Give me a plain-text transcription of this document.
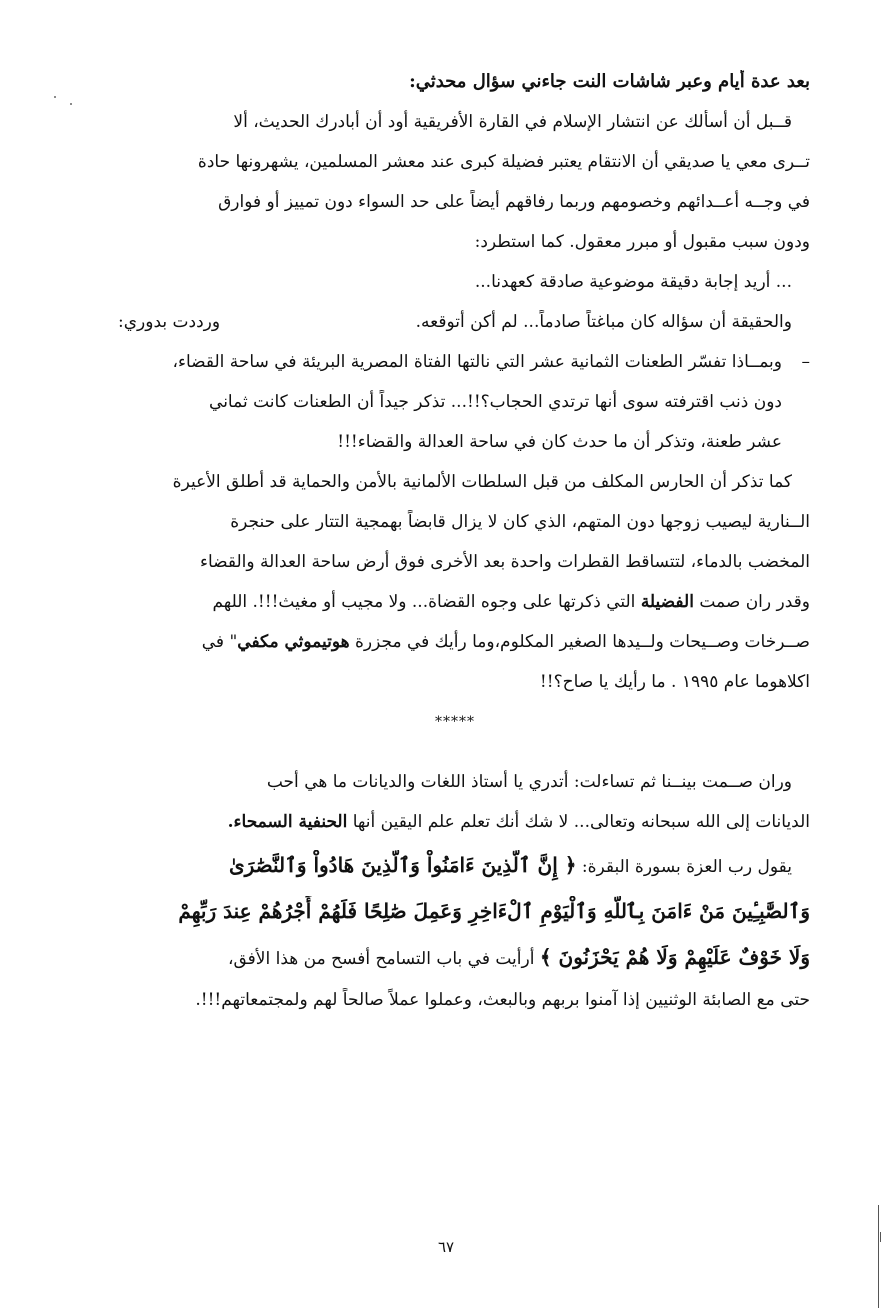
بعد عدة أيام وعبر شاشات النت جاءني سؤال محدثي:
قــبل أن أسألك عن انتشار الإسلام في القارة الأفريقية أود أن أبادرك الحديث، ألا
تــرى معي يا صديقي أن الانتقام يعتبر فضيلة كبرى عند معشر المسلمين، يشهرونها حادة
في وجــه أعــدائهم وخصومهم وربما رفاقهم أيضاً على حد السواء دون تمييز أو فوارق
ودون سبب مقبول أو مبرر معقول. كما استطرد:
... أريد إجابة دقيقة موضوعية صادقة كعهدنا...
والحقيقة أن سؤاله كان مباغتاً صادماً... لم أكن أتوقعه.
ورددت بدوري:
–وبمــاذا تفسّر الطعنات الثمانية عشر التي نالتها الفتاة المصرية البريئة في ساحة القضاء،
دون ذنب اقترفته سوى أنها ترتدي الحجاب؟!!... تذكر جيداً أن الطعنات كانت ثماني
عشر طعنة، وتذكر أن ما حدث كان في ساحة العدالة والقضاء!!!
كما تذكر أن الحارس المكلف من قبل السلطات الألمانية بالأمن والحماية قد أطلق الأعيرة
الــنارية ليصيب زوجها دون المتهم، الذي كان لا يزال قابضاً بهمجية التتار على حنجرة
المخضب بالدماء، لتتساقط القطرات واحدة بعد الأخرى فوق أرض ساحة العدالة والقضاء
وقدر ران صمت الفضيلة التي ذكرتها على وجوه القضاة... ولا مجيب أو مغيث!!!. اللهم
صــرخات وصــيحات ولــيدها الصغير المكلوم،وما رأيك في مجزرة هوتيموثي مكفي" في
اكلاهوما عام ١٩٩٥ . ما رأيك يا صاح؟!!
*****
وران صــمت بينــنا ثم تساءلت: أتدري يا أستاذ اللغات والديانات ما هي أحب
الديانات إلى الله سبحانه وتعالى... لا شك أنك تعلم علم اليقين أنها الحنفية السمحاء.
يقول رب العزة بسورة البقرة: ﴿ إِنَّ ٱلَّذِينَ ءَامَنُواْ وَٱلَّذِينَ هَادُواْ وَٱلنَّصَٰرَىٰ
وَٱلصَّٰبِـِٔينَ مَنْ ءَامَنَ بِٱللَّهِ وَٱلْيَوْمِ ٱلْءَاخِرِ وَعَمِلَ صَٰلِحًا فَلَهُمْ أَجْرُهُمْ عِندَ رَبِّهِمْ
وَلَا خَوْفٌ عَلَيْهِمْ وَلَا هُمْ يَحْزَنُونَ ﴾ أرأيت في باب التسامح أفسح من هذا الأفق،
حتى مع الصابئة الوثنيين إذا آمنوا بربهم وبالبعث، وعملوا عملاً صالحاً لهم ولمجتمعاتهم!!!.
٦٧
